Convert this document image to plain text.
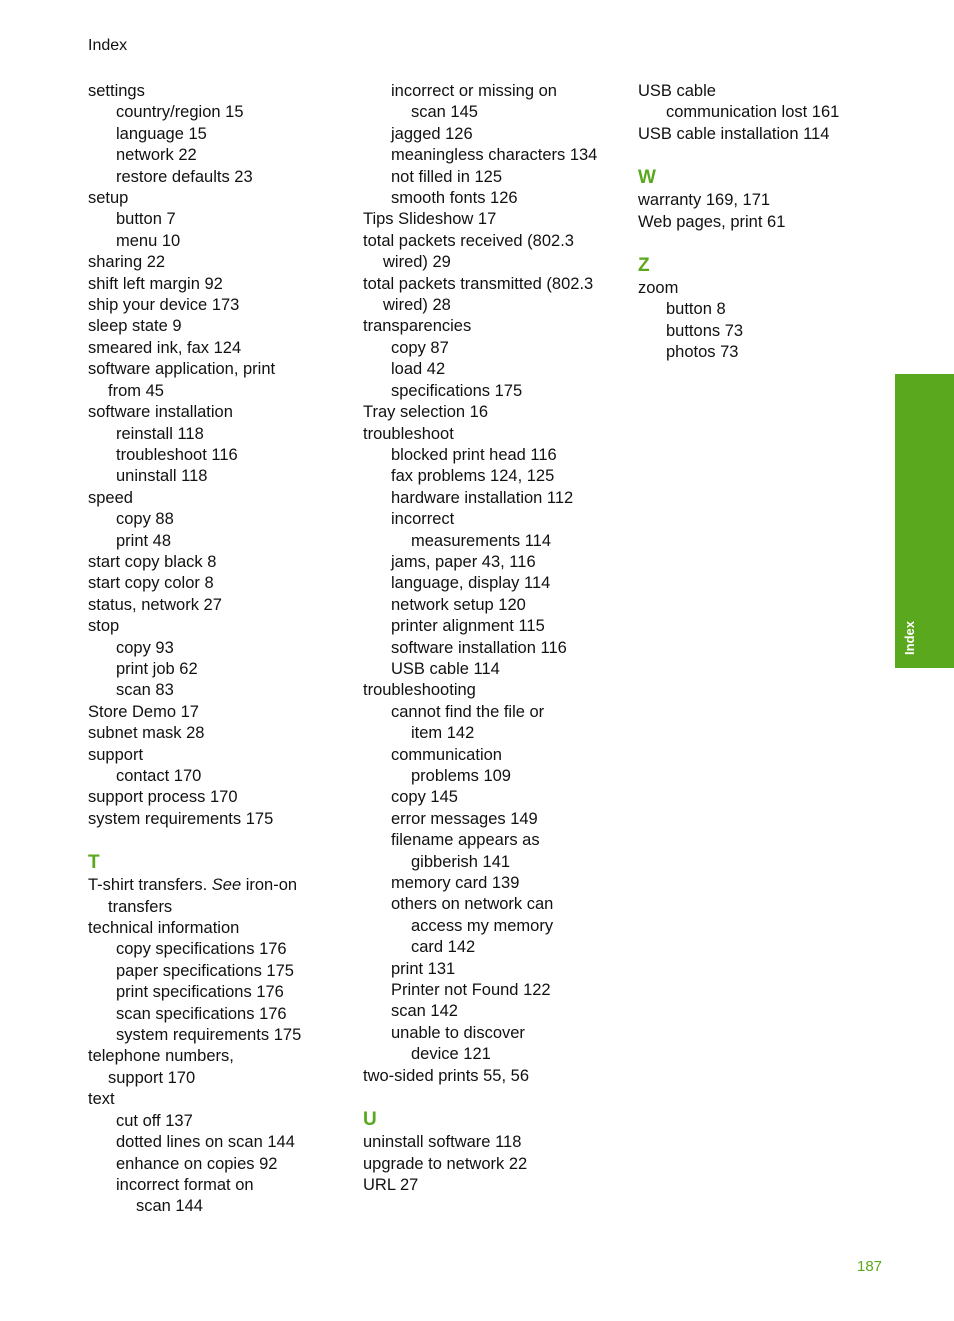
Index
settings
country/region 15
language 15
network 22
restore defaults 23
setup
button 7
menu 10
sharing 22
shift left margin 92
ship your device 173
sleep state 9
smeared ink, fax 124
software application, print
from 45
software installation
reinstall 118
troubleshoot 116
uninstall 118
speed
copy 88
print 48
start copy black 8
start copy color 8
status, network 27
stop
copy 93
print job 62
scan 83
Store Demo 17
subnet mask 28
support
contact 170
support process 170
system requirements 175
T
T-shirt transfers. See iron-on
transfers
technical information
copy specifications 176
paper specifications 175
print specifications 176
scan specifications 176
system requirements 175
telephone numbers,
support 170
text
cut off 137
dotted lines on scan 144
enhance on copies 92
incorrect format on
scan 144
incorrect or missing on
scan 145
jagged 126
meaningless characters 134
not filled in 125
smooth fonts 126
Tips Slideshow 17
total packets received (802.3
wired) 29
total packets transmitted (802.3
wired) 28
transparencies
copy 87
load 42
specifications 175
Tray selection 16
troubleshoot
blocked print head 116
fax problems 124, 125
hardware installation 112
incorrect
measurements 114
jams, paper 43, 116
language, display 114
network setup 120
printer alignment 115
software installation 116
USB cable 114
troubleshooting
cannot find the file or
item 142
communication
problems 109
copy 145
error messages 149
filename appears as
gibberish 141
memory card 139
others on network can
access my memory
card 142
print 131
Printer not Found 122
scan 142
unable to discover
device 121
two-sided prints 55, 56
U
uninstall software 118
upgrade to network 22
URL 27
USB cable
communication lost 161
USB cable installation 114
W
warranty 169, 171
Web pages, print 61
Z
zoom
button 8
buttons 73
photos 73
Index
187
